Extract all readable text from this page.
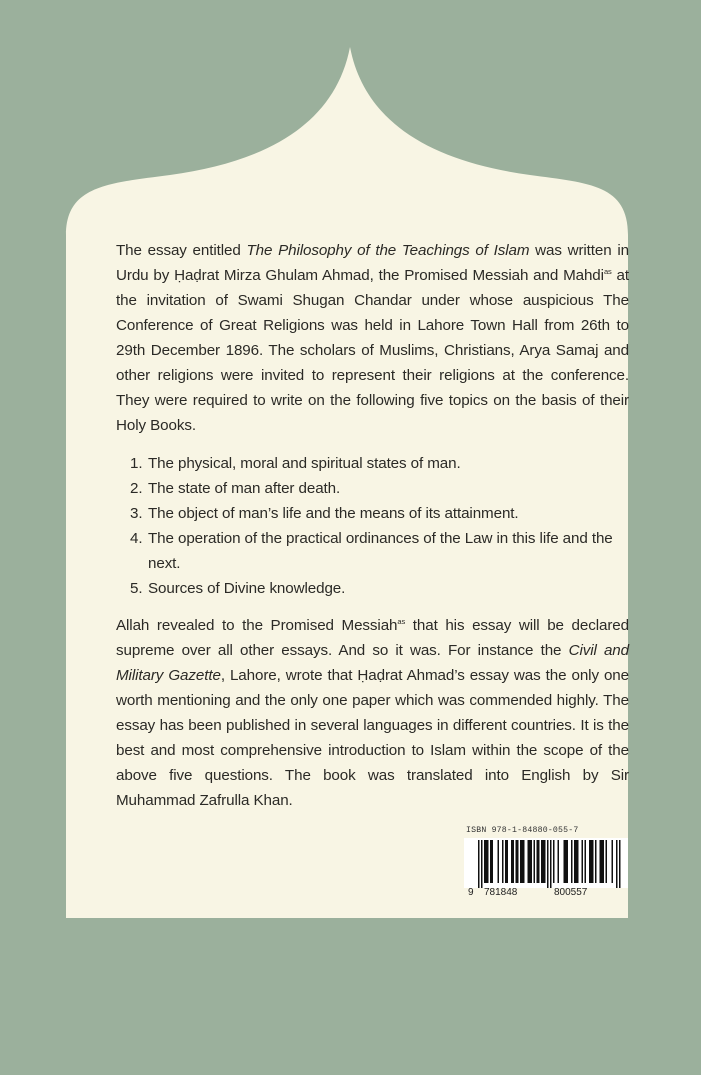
The essay entitled The Philosophy of the Teachings of Islam was written in Urdu by Ḥaḍrat Mirza Ghulam Ahmad, the Promised Messiah and Mahdi$^{as}$ at the invitation of Swami Shugan Chandar under whose auspicious The Conference of Great Religions was held in Lahore Town Hall from 26th to 29th December 1896. The scholars of Muslims, Christians, Arya Samaj and other religions were invited to represent their religions at the conference. They were required to write on the following five topics on the basis of their Holy Books.

1. The physical, moral and spiritual states of man.
2. The state of man after death.
3. The object of man’s life and the means of its attainment.
4. The operation of the practical ordinances of the Law in this life and the next.
5. Sources of Divine knowledge.

Allah revealed to the Promised Messiah$^{as}$ that his essay will be declared supreme over all other essays. And so it was. For instance the Civil and Military Gazette, Lahore, wrote that Ḥaḍrat Ahmad’s essay was the only one worth mentioning and the only one paper which was commended highly. The essay has been published in several languages in different countries. It is the best and most comprehensive introduction to Islam within the scope of the above five questions. The book was translated into English by Sir Muhammad Zafrulla Khan.

ISBN 978-1-84880-055-7
9 781848	800557
